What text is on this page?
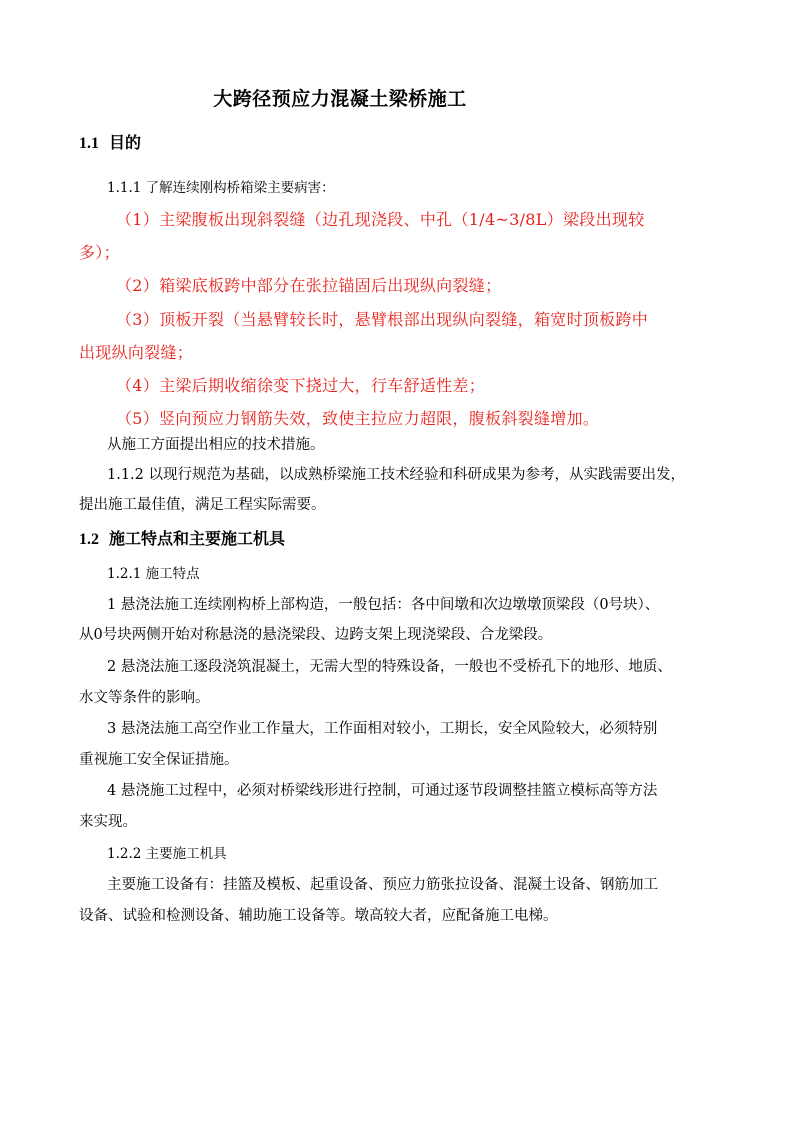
大跨径预应力混凝土梁桥施工
1.1 目的
1.1.1 了解连续刚构桥箱梁主要病害：
（1）主梁腹板出现斜裂缝（边孔现浇段、中孔（1/4~3/8L）梁段出现较
多）；
（2）箱梁底板跨中部分在张拉锚固后出现纵向裂缝；
（3）顶板开裂（当悬臂较长时，悬臂根部出现纵向裂缝，箱宽时顶板跨中
出现纵向裂缝；
（4）主梁后期收缩徐变下挠过大，行车舒适性差；
（5）竖向预应力钢筋失效，致使主拉应力超限，腹板斜裂缝增加。
从施工方面提出相应的技术措施。
1.1.2 以现行规范为基础，以成熟桥梁施工技术经验和科研成果为参考，从实践需要出发，
提出施工最佳值，满足工程实际需要。
1.2 施工特点和主要施工机具
1.2.1 施工特点
1 悬浇法施工连续刚构桥上部构造，一般包括：各中间墩和次边墩墩顶梁段（0号块）、
从0号块两侧开始对称悬浇的悬浇梁段、边跨支架上现浇梁段、合龙梁段。
2 悬浇法施工逐段浇筑混凝土，无需大型的特殊设备，一般也不受桥孔下的地形、地质、
水文等条件的影响。
3 悬浇法施工高空作业工作量大，工作面相对较小，工期长，安全风险较大，必须特别
重视施工安全保证措施。
4 悬浇施工过程中，必须对桥梁线形进行控制，可通过逐节段调整挂篮立模标高等方法
来实现。
1.2.2 主要施工机具
主要施工设备有：挂篮及模板、起重设备、预应力筋张拉设备、混凝土设备、钢筋加工
设备、试验和检测设备、辅助施工设备等。墩高较大者，应配备施工电梯。
